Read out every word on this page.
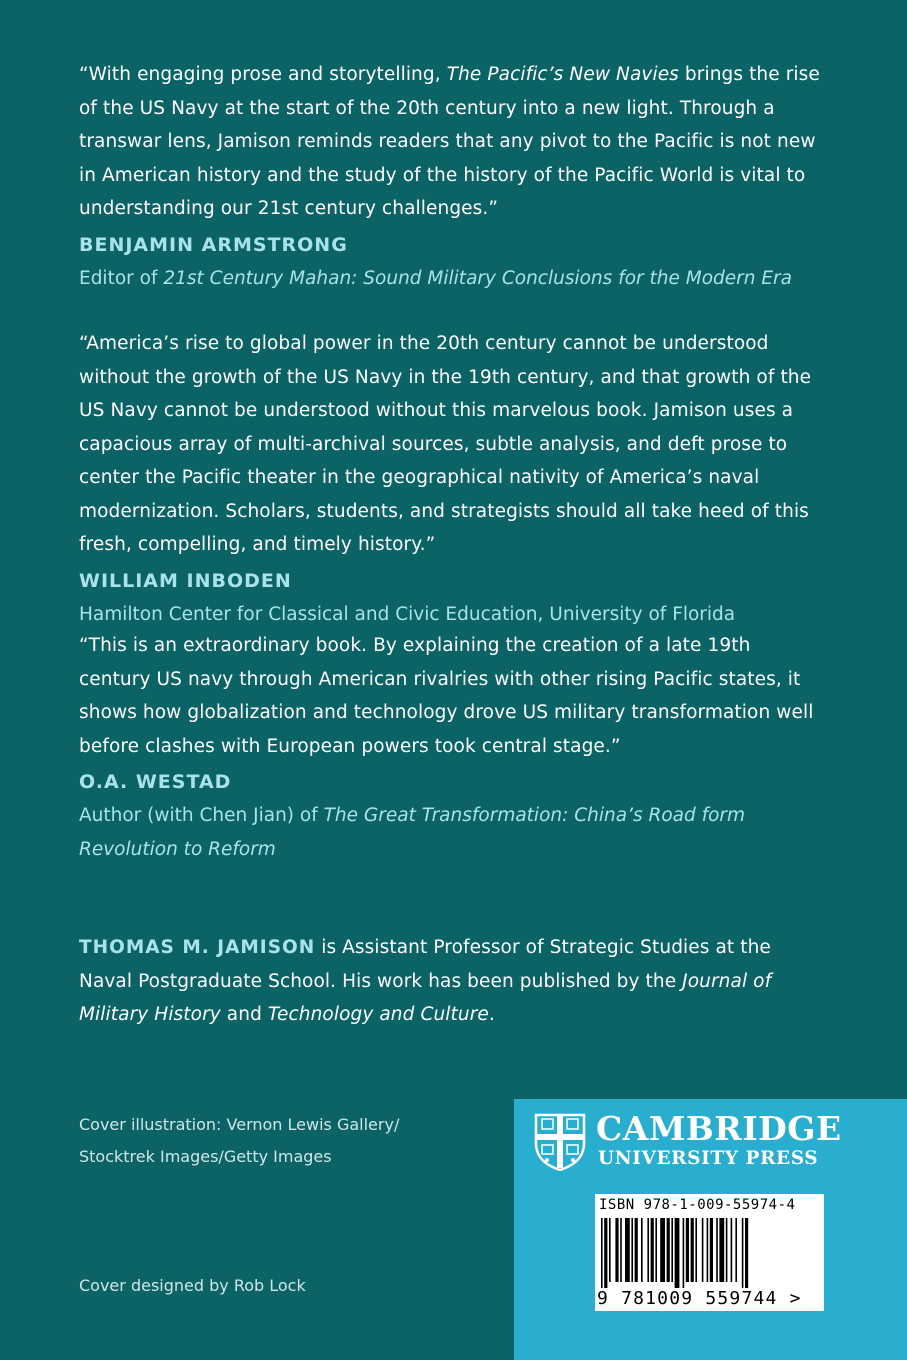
“With engaging prose and storytelling, The Pacific’s New Navies brings the rise of the US Navy at the start of the 20th century into a new light. Through a transwar lens, Jamison reminds readers that any pivot to the Pacific is not new in American history and the study of the history of the Pacific World is vital to understanding our 21st century challenges.”

BENJAMIN ARMSTRONG

Editor of 21st Century Mahan: Sound Military Conclusions for the Modern Era

“America’s rise to global power in the 20th century cannot be understood without the growth of the US Navy in the 19th century, and that growth of the US Navy cannot be understood without this marvelous book. Jamison uses a capacious array of multi-archival sources, subtle analysis, and deft prose to center the Pacific theater in the geographical nativity of America’s naval modernization. Scholars, students, and strategists should all take heed of this fresh, compelling, and timely history.”

WILLIAM INBODEN

Hamilton Center for Classical and Civic Education, University of Florida

“This is an extraordinary book. By explaining the creation of a late 19th century US navy through American rivalries with other rising Pacific states, it shows how globalization and technology drove US military transformation well before clashes with European powers took central stage.”

O.A. WESTAD

Author (with Chen Jian) of The Great Transformation: China’s Road form Revolution to Reform

THOMAS M. JAMISON is Assistant Professor of Strategic Studies at the Naval Postgraduate School. His work has been published by the Journal of Military History and Technology and Culture.

Cover illustration: Vernon Lewis Gallery/

Stocktrek Images/Getty Images

Cover designed by Rob Lock

CAMBRIDGE
UNIVERSITY PRESS
ISBN 978-1-009-55974-4
9 781009 559744 >
